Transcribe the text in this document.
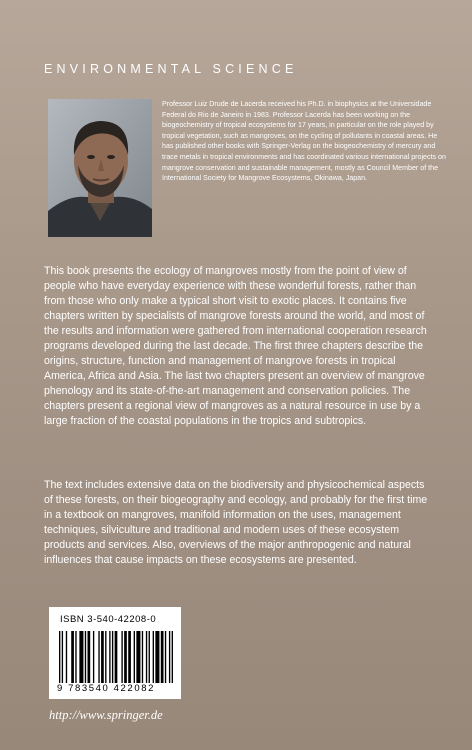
ENVIRONMENTAL SCIENCE
Professor Luiz Drude de Lacerda received his Ph.D. in biophysics at the Universidade Federal do Rio de Janeiro in 1983. Professor Lacerda has been working on the biogeochemistry of tropical ecosystems for 17 years, in particular on the role played by tropical vegetation, such as mangroves, on the cycling of pollutants in coastal areas. He has published other books with Springer-Verlag on the biogeochemistry of mercury and trace metals in tropical environments and has coordinated various international projects on mangrove conservation and sustainable management, mostly as Council Member of the International Society for Mangrove Ecosystems, Okinawa, Japan.
This book presents the ecology of mangroves mostly from the point of view of people who have everyday experience with these wonderful forests, rather than from those who only make a typical short visit to exotic places. It contains five chapters written by specialists of mangrove forests around the world, and most of the results and information were gathered from international cooperation research programs developed during the last decade. The first three chapters describe the origins, structure, function and management of mangrove forests in tropical America, Africa and Asia. The last two chapters present an overview of mangrove phenology and its state-of-the-art management and conservation policies. The chapters present a regional view of mangroves as a natural resource in use by a large fraction of the coastal populations in the tropics and subtropics.
The text includes extensive data on the biodiversity and physicochemical aspects of these forests, on their biogeography and ecology, and probably for the first time in a textbook on mangroves, manifold information on the uses, management techniques, silviculture and traditional and modern uses of these ecosystem products and services. Also, overviews of the major anthropogenic and natural influences that cause impacts on these ecosystems are presented.
ISBN 3-540-42208-0
9 783540 422082
http://www.springer.de
